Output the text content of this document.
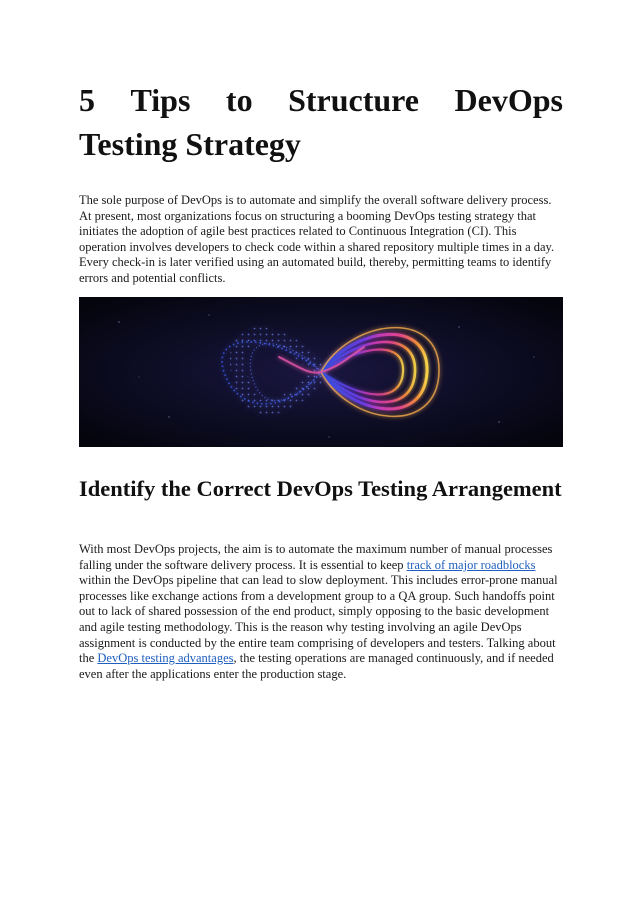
5 Tips to Structure DevOps
Testing Strategy

The sole purpose of DevOps is to automate and simplify the overall software delivery process. At present, most organizations focus on structuring a booming DevOps testing strategy that initiates the adoption of agile best practices related to Continuous Integration (CI). This operation involves developers to check code within a shared repository multiple times in a day. Every check-in is later verified using an automated build, thereby, permitting teams to identify errors and potential conflicts.

Identify the Correct DevOps Testing Arrangement

With most DevOps projects, the aim is to automate the maximum number of manual processes falling under the software delivery process. It is essential to keep track of major roadblocks within the DevOps pipeline that can lead to slow deployment. This includes error-prone manual processes like exchange actions from a development group to a QA group. Such handoffs point out to lack of shared possession of the end product, simply opposing to the basic development and agile testing methodology. This is the reason why testing involving an agile DevOps assignment is conducted by the entire team comprising of developers and testers. Talking about the DevOps testing advantages, the testing operations are managed continuously, and if needed even after the applications enter the production stage.
